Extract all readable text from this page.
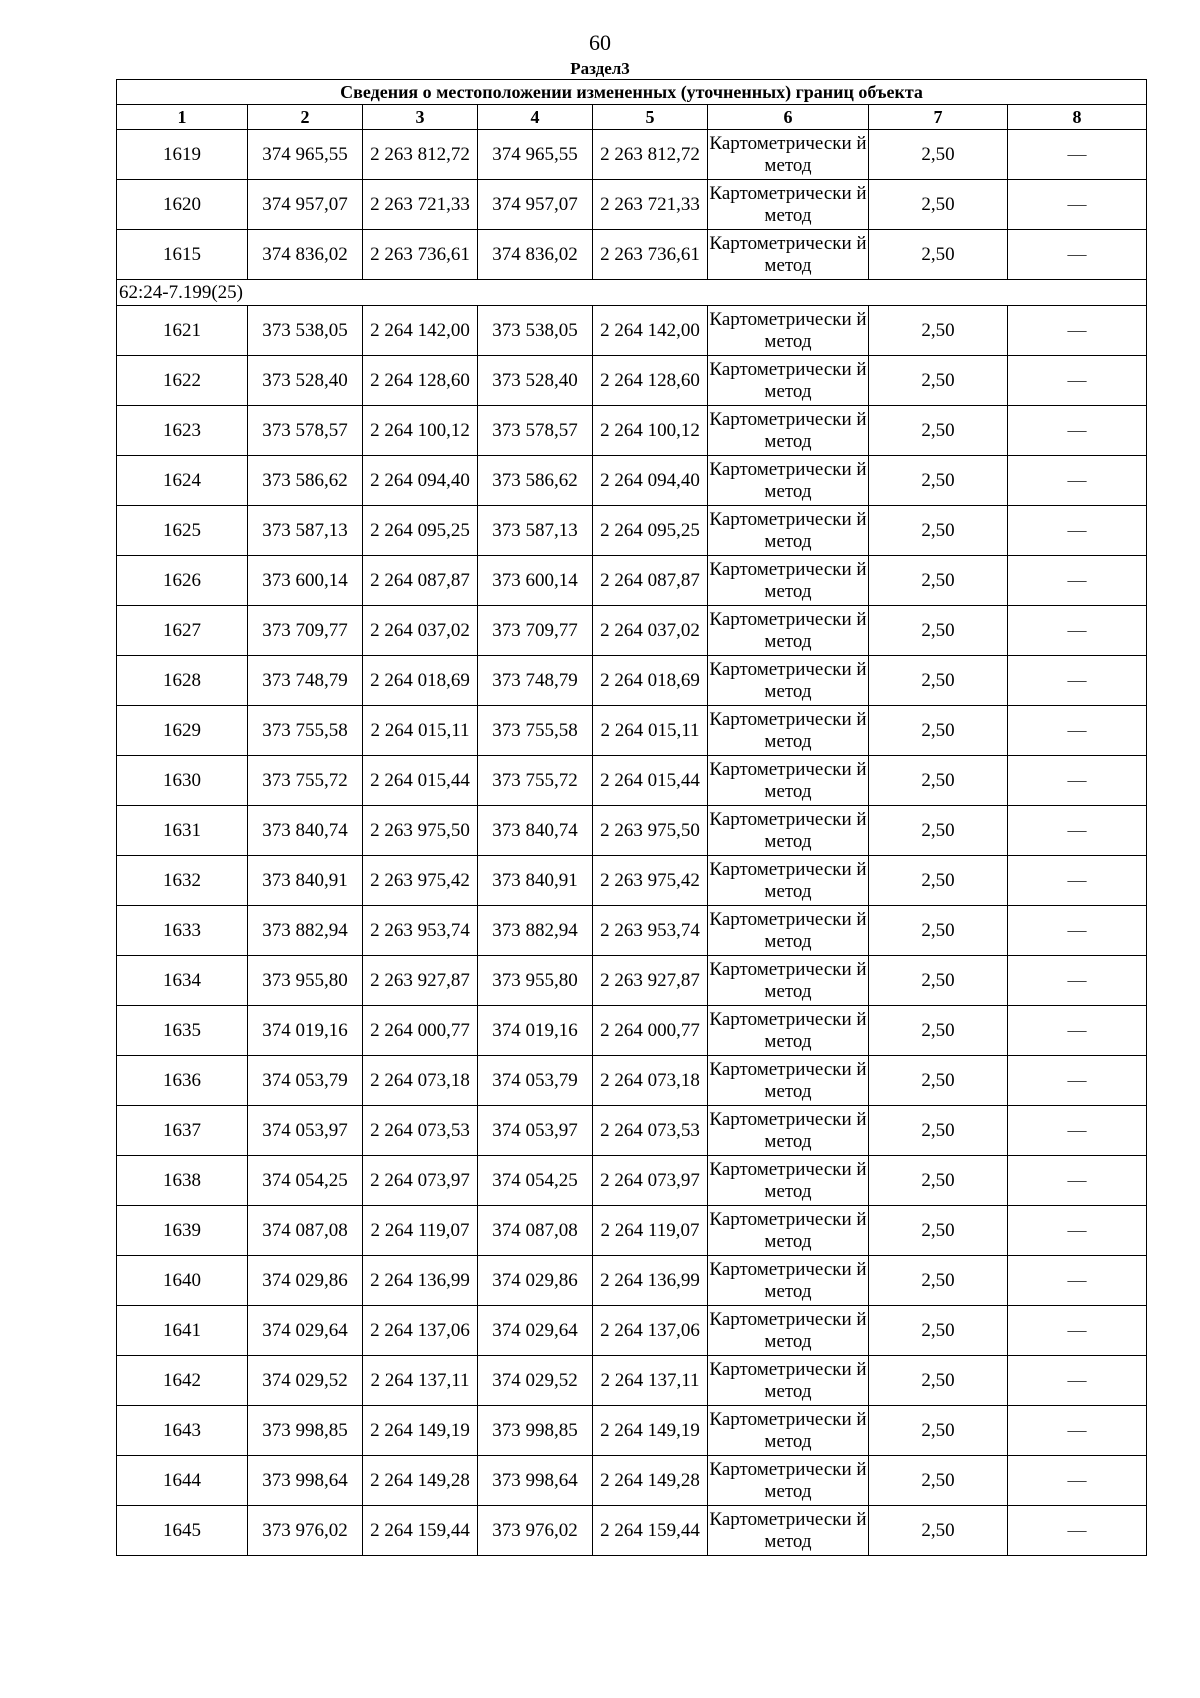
60
Раздел3
Сведения о местоположении измененных (уточненных) границ объекта							
1	2	3	4	5	6	7	8
1619	374 965,55	2 263 812,72	374 965,55	2 263 812,72	Картометрически й метод	2,50	—
1620	374 957,07	2 263 721,33	374 957,07	2 263 721,33	Картометрически й метод	2,50	—
1615	374 836,02	2 263 736,61	374 836,02	2 263 736,61	Картометрически й метод	2,50	—
62:24-7.199(25)							
1621	373 538,05	2 264 142,00	373 538,05	2 264 142,00	Картометрически й метод	2,50	—
1622	373 528,40	2 264 128,60	373 528,40	2 264 128,60	Картометрически й метод	2,50	—
1623	373 578,57	2 264 100,12	373 578,57	2 264 100,12	Картометрически й метод	2,50	—
1624	373 586,62	2 264 094,40	373 586,62	2 264 094,40	Картометрически й метод	2,50	—
1625	373 587,13	2 264 095,25	373 587,13	2 264 095,25	Картометрически й метод	2,50	—
1626	373 600,14	2 264 087,87	373 600,14	2 264 087,87	Картометрически й метод	2,50	—
1627	373 709,77	2 264 037,02	373 709,77	2 264 037,02	Картометрически й метод	2,50	—
1628	373 748,79	2 264 018,69	373 748,79	2 264 018,69	Картометрически й метод	2,50	—
1629	373 755,58	2 264 015,11	373 755,58	2 264 015,11	Картометрически й метод	2,50	—
1630	373 755,72	2 264 015,44	373 755,72	2 264 015,44	Картометрически й метод	2,50	—
1631	373 840,74	2 263 975,50	373 840,74	2 263 975,50	Картометрически й метод	2,50	—
1632	373 840,91	2 263 975,42	373 840,91	2 263 975,42	Картометрически й метод	2,50	—
1633	373 882,94	2 263 953,74	373 882,94	2 263 953,74	Картометрически й метод	2,50	—
1634	373 955,80	2 263 927,87	373 955,80	2 263 927,87	Картометрически й метод	2,50	—
1635	374 019,16	2 264 000,77	374 019,16	2 264 000,77	Картометрически й метод	2,50	—
1636	374 053,79	2 264 073,18	374 053,79	2 264 073,18	Картометрически й метод	2,50	—
1637	374 053,97	2 264 073,53	374 053,97	2 264 073,53	Картометрически й метод	2,50	—
1638	374 054,25	2 264 073,97	374 054,25	2 264 073,97	Картометрически й метод	2,50	—
1639	374 087,08	2 264 119,07	374 087,08	2 264 119,07	Картометрически й метод	2,50	—
1640	374 029,86	2 264 136,99	374 029,86	2 264 136,99	Картометрически й метод	2,50	—
1641	374 029,64	2 264 137,06	374 029,64	2 264 137,06	Картометрически й метод	2,50	—
1642	374 029,52	2 264 137,11	374 029,52	2 264 137,11	Картометрически й метод	2,50	—
1643	373 998,85	2 264 149,19	373 998,85	2 264 149,19	Картометрически й метод	2,50	—
1644	373 998,64	2 264 149,28	373 998,64	2 264 149,28	Картометрически й метод	2,50	—
1645	373 976,02	2 264 159,44	373 976,02	2 264 159,44	Картометрически й метод	2,50	—
